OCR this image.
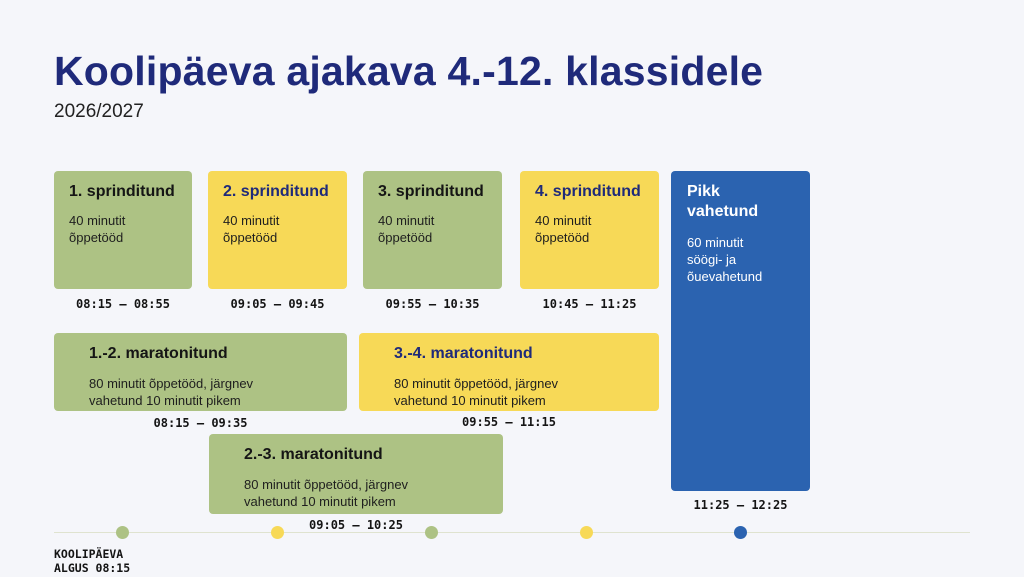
Koolipäeva ajakava 4.-12. klassidele
2026/2027
1. sprinditund
40 minutit õppetööd
08:15 – 08:55
2. sprinditund
40 minutit õppetööd
09:05 – 09:45
3. sprinditund
40 minutit õppetööd
09:55 – 10:35
4. sprinditund
40 minutit õppetööd
10:45 – 11:25
Pikk vahetund
60 minutit söögi- ja õuevahetund
11:25 – 12:25
1.-2. maratonitund
80 minutit õppetööd, järgnev vahetund 10 minutit pikem
08:15 – 09:35
3.-4. maratonitund
80 minutit õppetööd, järgnev vahetund 10 minutit pikem
09:55 – 11:15
2.-3. maratonitund
80 minutit õppetööd, järgnev vahetund 10 minutit pikem
09:05 – 10:25
KOOLIPÄEVA
ALGUS 08:15
